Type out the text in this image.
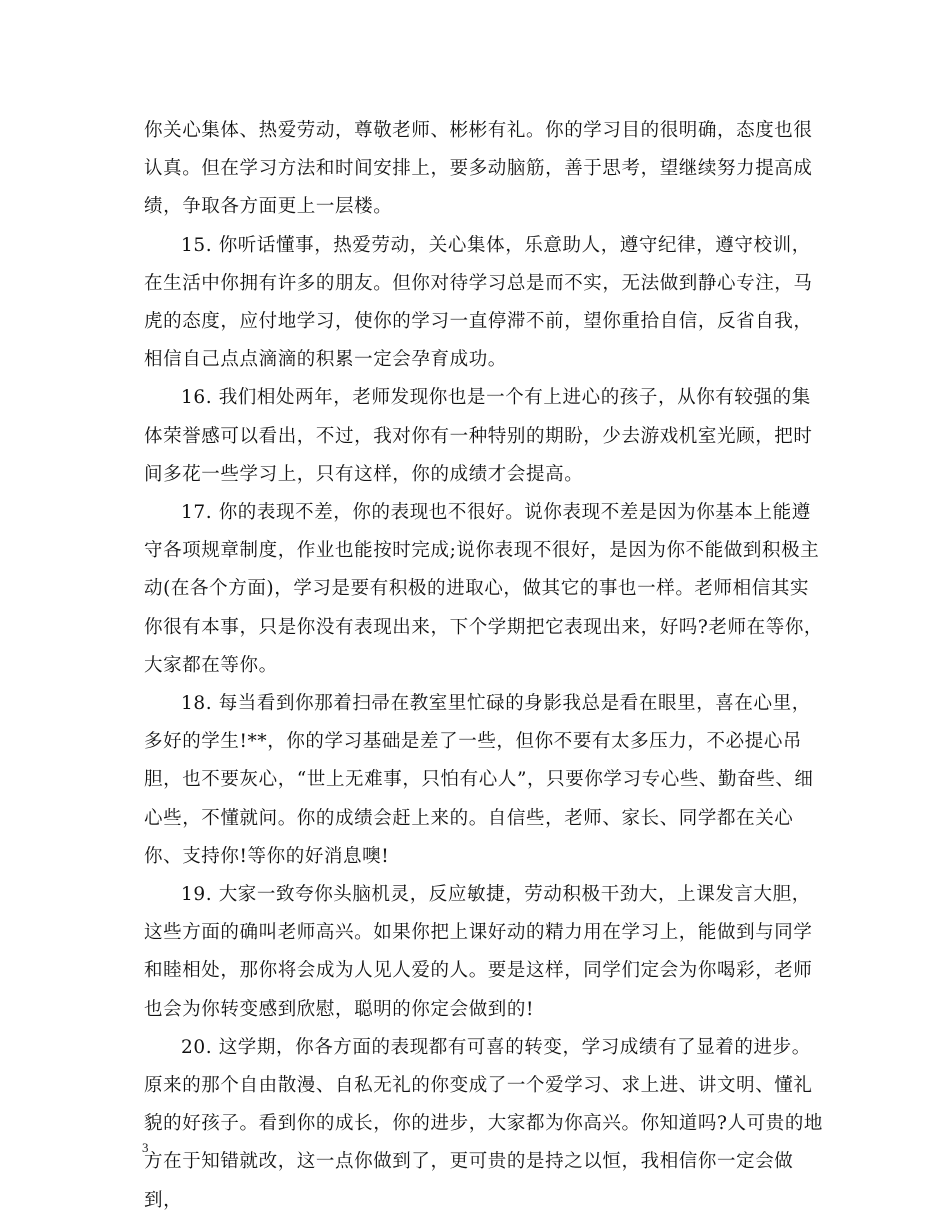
你关心集体、热爱劳动，尊敬老师、彬彬有礼。你的学习目的很明确，态度也很认真。但在学习方法和时间安排上，要多动脑筋，善于思考，望继续努力提高成绩，争取各方面更上一层楼。

15. 你听话懂事，热爱劳动，关心集体，乐意助人，遵守纪律，遵守校训，在生活中你拥有许多的朋友。但你对待学习总是而不实，无法做到静心专注，马虎的态度，应付地学习，使你的学习一直停滞不前，望你重拾自信，反省自我，相信自己点点滴滴的积累一定会孕育成功。

16. 我们相处两年，老师发现你也是一个有上进心的孩子，从你有较强的集体荣誉感可以看出，不过，我对你有一种特别的期盼，少去游戏机室光顾，把时间多花一些学习上，只有这样，你的成绩才会提高。

17. 你的表现不差，你的表现也不很好。说你表现不差是因为你基本上能遵守各项规章制度，作业也能按时完成;说你表现不很好，是因为你不能做到积极主动(在各个方面)，学习是要有积极的进取心，做其它的事也一样。老师相信其实你很有本事，只是你没有表现出来，下个学期把它表现出来，好吗?老师在等你，大家都在等你。

18. 每当看到你那着扫帚在教室里忙碌的身影我总是看在眼里，喜在心里，多好的学生!**，你的学习基础是差了一些，但你不要有太多压力，不必提心吊胆，也不要灰心，“世上无难事，只怕有心人”，只要你学习专心些、勤奋些、细心些，不懂就问。你的成绩会赶上来的。自信些，老师、家长、同学都在关心你、支持你!等你的好消息噢!

19. 大家一致夸你头脑机灵，反应敏捷，劳动积极干劲大，上课发言大胆，这些方面的确叫老师高兴。如果你把上课好动的精力用在学习上，能做到与同学和睦相处，那你将会成为人见人爱的人。要是这样，同学们定会为你喝彩，老师也会为你转变感到欣慰，聪明的你定会做到的!

20. 这学期，你各方面的表现都有可喜的转变，学习成绩有了显着的进步。原来的那个自由散漫、自私无礼的你变成了一个爱学习、求上进、讲文明、懂礼貌的好孩子。看到你的成长，你的进步，大家都为你高兴。你知道吗?人可贵的地方在于知错就改，这一点你做到了，更可贵的是持之以恒，我相信你一定会做到，

3
